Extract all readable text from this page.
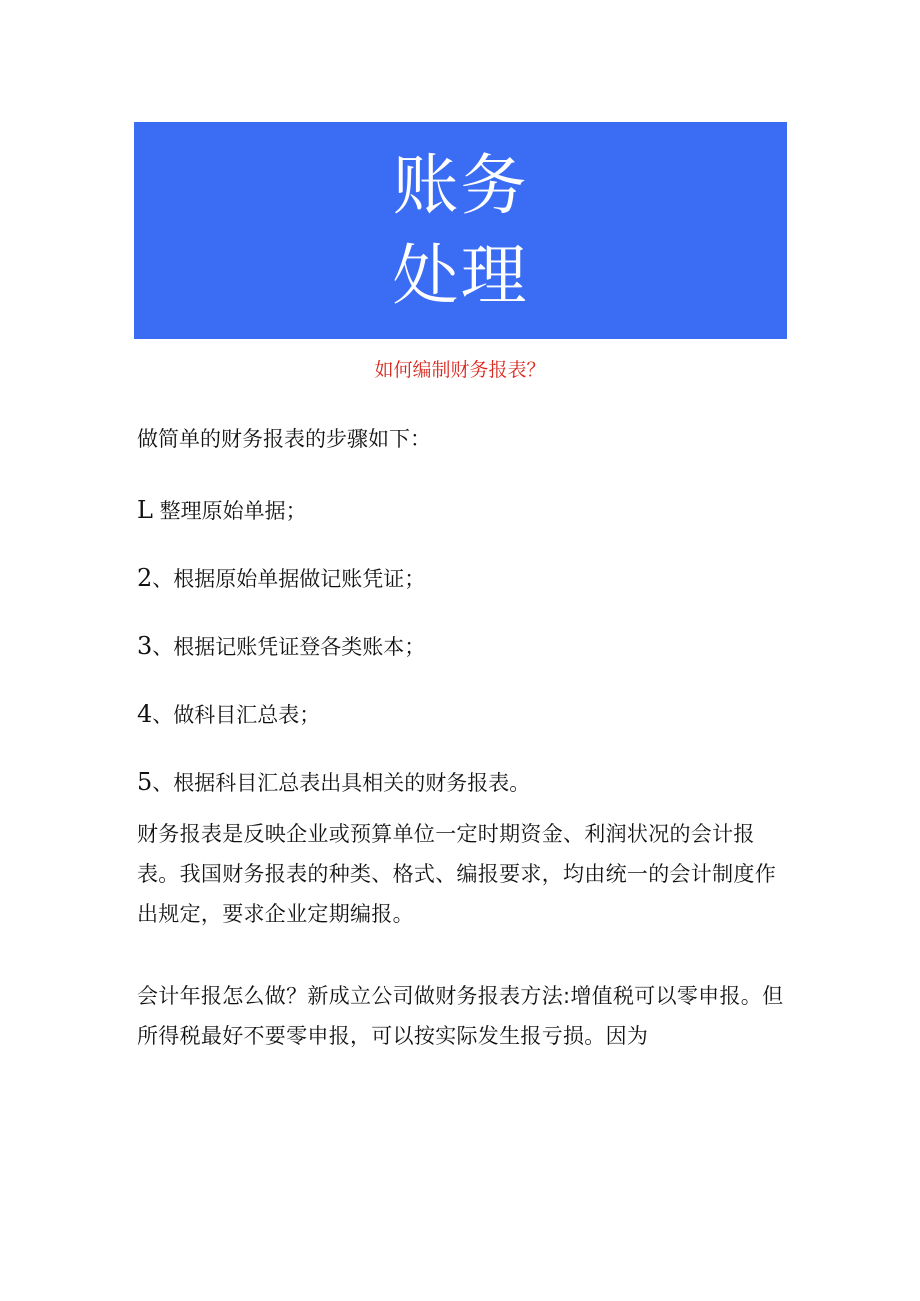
账务
处理
如何编制财务报表？

做简单的财务报表的步骤如下：

L 整理原始单据；
2、根据原始单据做记账凭证；
3、根据记账凭证登各类账本；
4、做科目汇总表；
5、根据科目汇总表出具相关的财务报表。

财务报表是反映企业或预算单位一定时期资金、利润状况的会计报表。我国财务报表的种类、格式、编报要求，均由统一的会计制度作出规定，要求企业定期编报。

会计年报怎么做？新成立公司做财务报表方法:增值税可以零申报。但所得税最好不要零申报，可以按实际发生报亏损。因为
